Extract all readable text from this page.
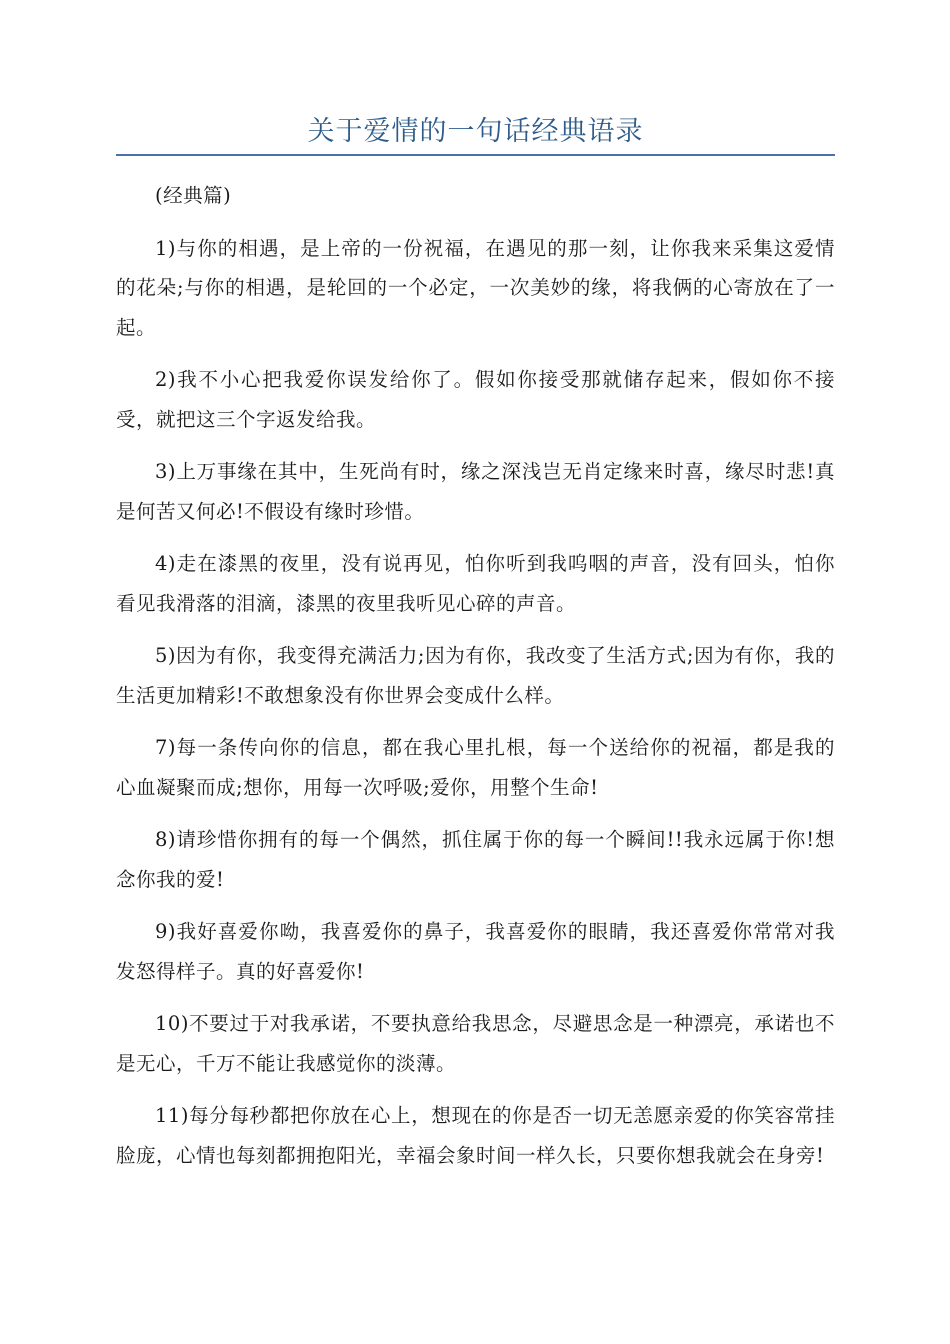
关于爱情的一句话经典语录

(经典篇)

1)与你的相遇，是上帝的一份祝福，在遇见的那一刻，让你我来采集这爱情的花朵;与你的相遇，是轮回的一个必定，一次美妙的缘，将我俩的心寄放在了一起。

2)我不小心把我爱你误发给你了。假如你接受那就储存起来，假如你不接受，就把这三个字返发给我。

3)上万事缘在其中，生死尚有时，缘之深浅岂无肖定缘来时喜，缘尽时悲!真是何苦又何必!不假设有缘时珍惜。

4)走在漆黑的夜里，没有说再见，怕你听到我呜咽的声音，没有回头，怕你看见我滑落的泪滴，漆黑的夜里我听见心碎的声音。

5)因为有你，我变得充满活力;因为有你，我改变了生活方式;因为有你，我的生活更加精彩!不敢想象没有你世界会变成什么样。

7)每一条传向你的信息，都在我心里扎根，每一个送给你的祝福，都是我的心血凝聚而成;想你，用每一次呼吸;爱你，用整个生命!

8)请珍惜你拥有的每一个偶然，抓住属于你的每一个瞬间!!我永远属于你!想念你我的爱!

9)我好喜爱你呦，我喜爱你的鼻子，我喜爱你的眼睛，我还喜爱你常常对我发怒得样子。真的好喜爱你!

10)不要过于对我承诺，不要执意给我思念，尽避思念是一种漂亮，承诺也不是无心，千万不能让我感觉你的淡薄。

11)每分每秒都把你放在心上，想现在的你是否一切无恙愿亲爱的你笑容常挂脸庞，心情也每刻都拥抱阳光，幸福会象时间一样久长，只要你想我就会在身旁!
